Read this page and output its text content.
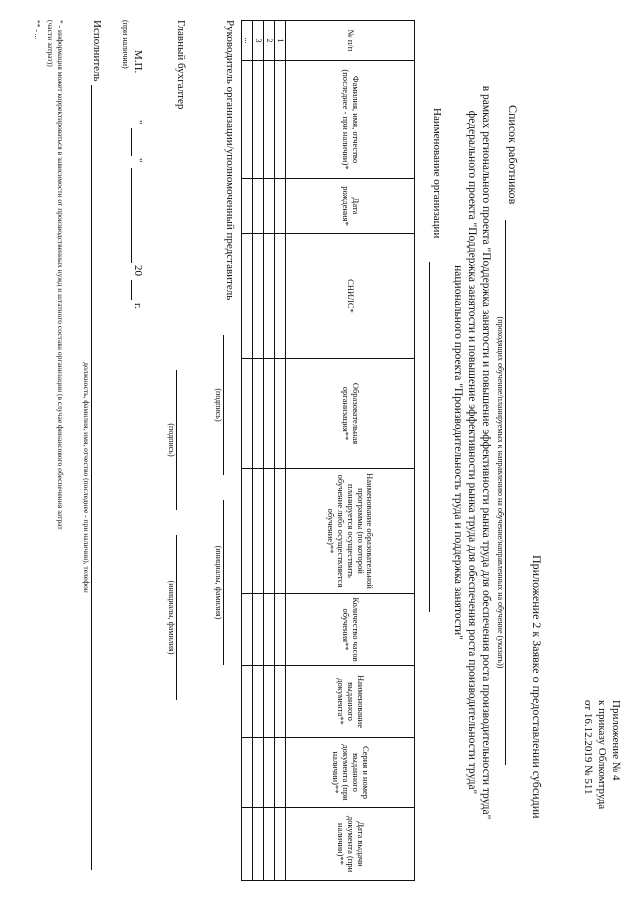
Приложение № 4
к приказу Облкомтруда
от 16.12.2019 № 511
Приложение 2 к Заявке о предоставлении субсидии
Список работников
(проходящих обучение/планируемых к направлению на обучение/направленных на обучение (указать))
в рамках регионального проекта "Поддержка занятости и повышение эффективности рынка труда для обеспечения роста производительности труда"
федерального проекта "Поддержка занятости и повышение эффективности рынка труда для обеспечения роста производительности труда"
национального проекта "Производительность труда и поддержка занятости"
Наименование организации
№ п/п	Фамилия, имя, отчество (последнее - при наличии)*	Дата рождения*	СНИЛС*	Образовательная организация**	Наименование образовательной программы (по которой планируется осуществить обучение либо осуществляется обучение)**	Количество часов обучения**	Наименование выданного документа**	Серия и номер выданного документа (при наличии)**	Дата выдачи документа (при наличии)**
1									
2									
3									
...									
Руководитель организации/уполномоченный представитель
(подпись)
(инициалы, фамилия)
Главный бухгалтер
(подпись)
(инициалы, фамилия)
М.П.
(при наличии)
"
"
20
г.
Исполнитель
должность, фамилия, имя, отчество (последнее - при наличии), телефон
* - информация может корректироваться в зависимости от производственных нужд и штатного состава организации (в случае финансового обеспечения затрат
(части затрат))
** - ...
